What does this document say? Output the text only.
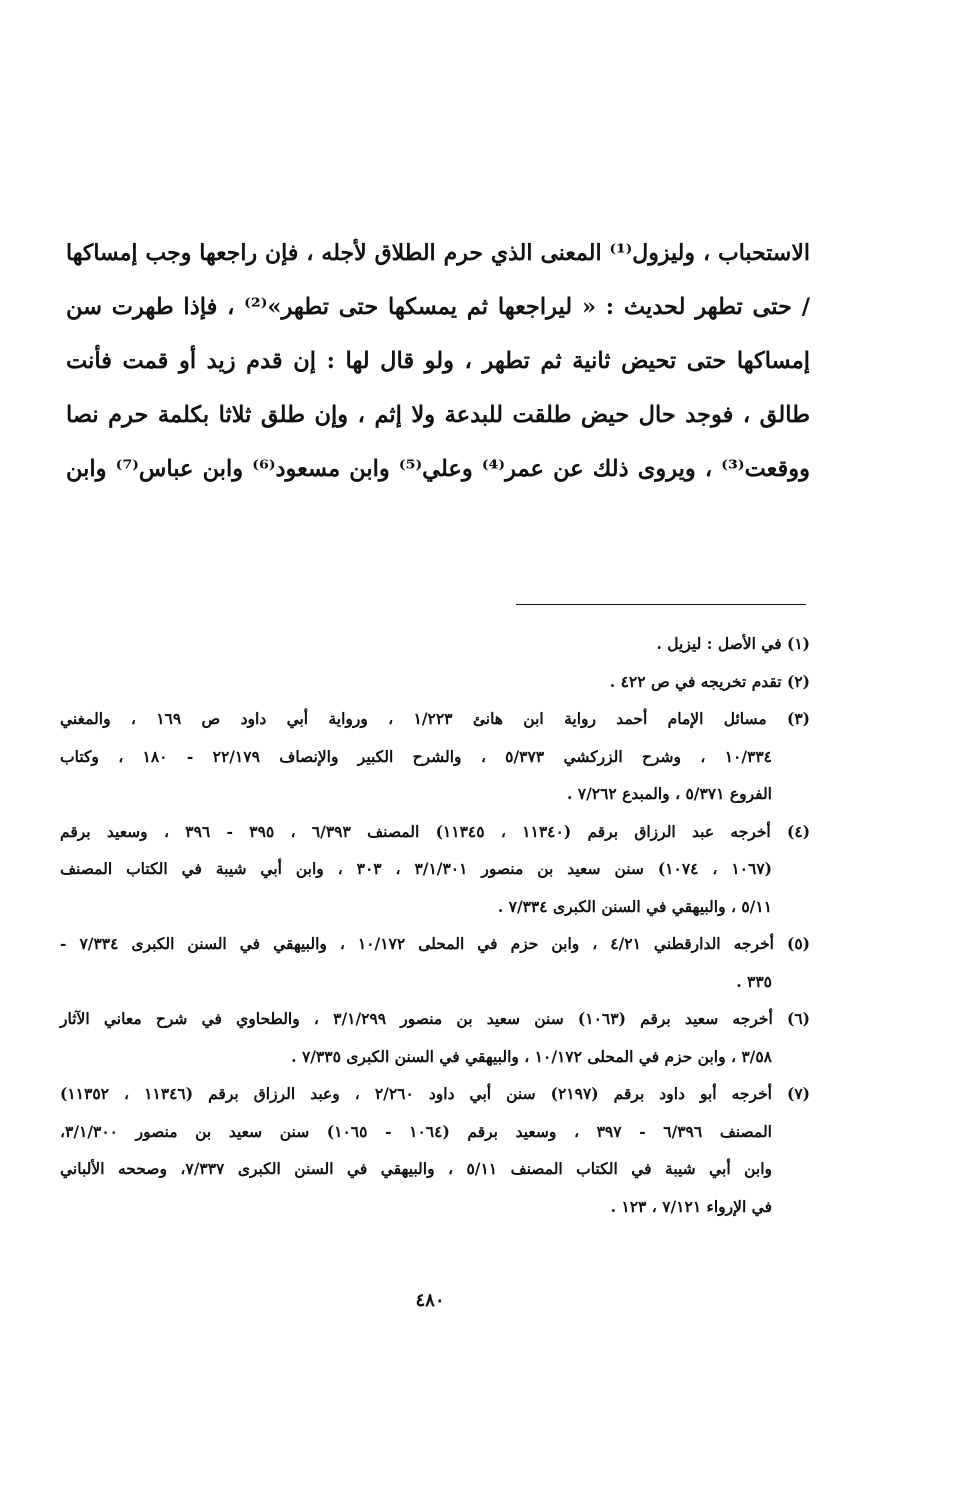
الاستحباب ، وليزول⁽¹⁾ المعنى الذي حرم الطلاق لأجله ، فإن راجعها وجب إمساكها
/ حتى تطهر لحديث : « ليراجعها ثم يمسكها حتى تطهر»⁽²⁾ ، فإذا طهرت سن
إمساكها حتى تحيض ثانية ثم تطهر ، ولو قال لها : إن قدم زيد أو قمت فأنت
طالق ، فوجد حال حيض طلقت للبدعة ولا إثم ، وإن طلق ثلاثا بكلمة حرم نصا
ووقعت⁽³⁾ ، ويروى ذلك عن عمر⁽⁴⁾ وعلي⁽⁵⁾ وابن مسعود⁽⁶⁾ وابن عباس⁽⁷⁾ وابن
(١) في الأصل : ليزيل .
(٢) تقدم تخريجه في ص ٤٢٢ .
(٣) مسائل الإمام أحمد رواية ابن هانئ ١/٢٢٣ ، ورواية أبي داود ص ١٦٩ ، والمغني
١٠/٣٣٤ ، وشرح الزركشي ٥/٣٧٣ ، والشرح الكبير والإنصاف ٢٢/١٧٩ - ١٨٠ ، وكتاب
الفروع ٥/٣٧١ ، والمبدع ٧/٢٦٢ .
(٤) أخرجه عبد الرزاق برقم (١١٣٤٠ ، ١١٣٤٥) المصنف ٦/٣٩٣ ، ٣٩٥ - ٣٩٦ ، وسعيد برقم
(١٠٦٧ ، ١٠٧٤) سنن سعيد بن منصور ٣/١/٣٠١ ، ٣٠٣ ، وابن أبي شيبة في الكتاب المصنف
٥/١١ ، والبيهقي في السنن الكبرى ٧/٣٣٤ .
(٥) أخرجه الدارقطني ٤/٢١ ، وابن حزم في المحلى ١٠/١٧٢ ، والبيهقي في السنن الكبرى ٧/٣٣٤ -
٣٣٥ .
(٦) أخرجه سعيد برقم (١٠٦٣) سنن سعيد بن منصور ٣/١/٢٩٩ ، والطحاوي في شرح معاني الآثار
٣/٥٨ ، وابن حزم في المحلى ١٠/١٧٢ ، والبيهقي في السنن الكبرى ٧/٣٣٥ .
(٧) أخرجه أبو داود برقم (٢١٩٧) سنن أبي داود ٢/٢٦٠ ، وعبد الرزاق برقم (١١٣٤٦ ، ١١٣٥٢)
المصنف ٦/٣٩٦ - ٣٩٧ ، وسعيد برقم (١٠٦٤ - ١٠٦٥) سنن سعيد بن منصور ٣/١/٣٠٠،
وابن أبي شيبة في الكتاب المصنف ٥/١١ ، والبيهقي في السنن الكبرى ٧/٣٣٧، وصححه الألباني
في الإرواء ٧/١٢١ ، ١٢٣ .
٤٨٠
